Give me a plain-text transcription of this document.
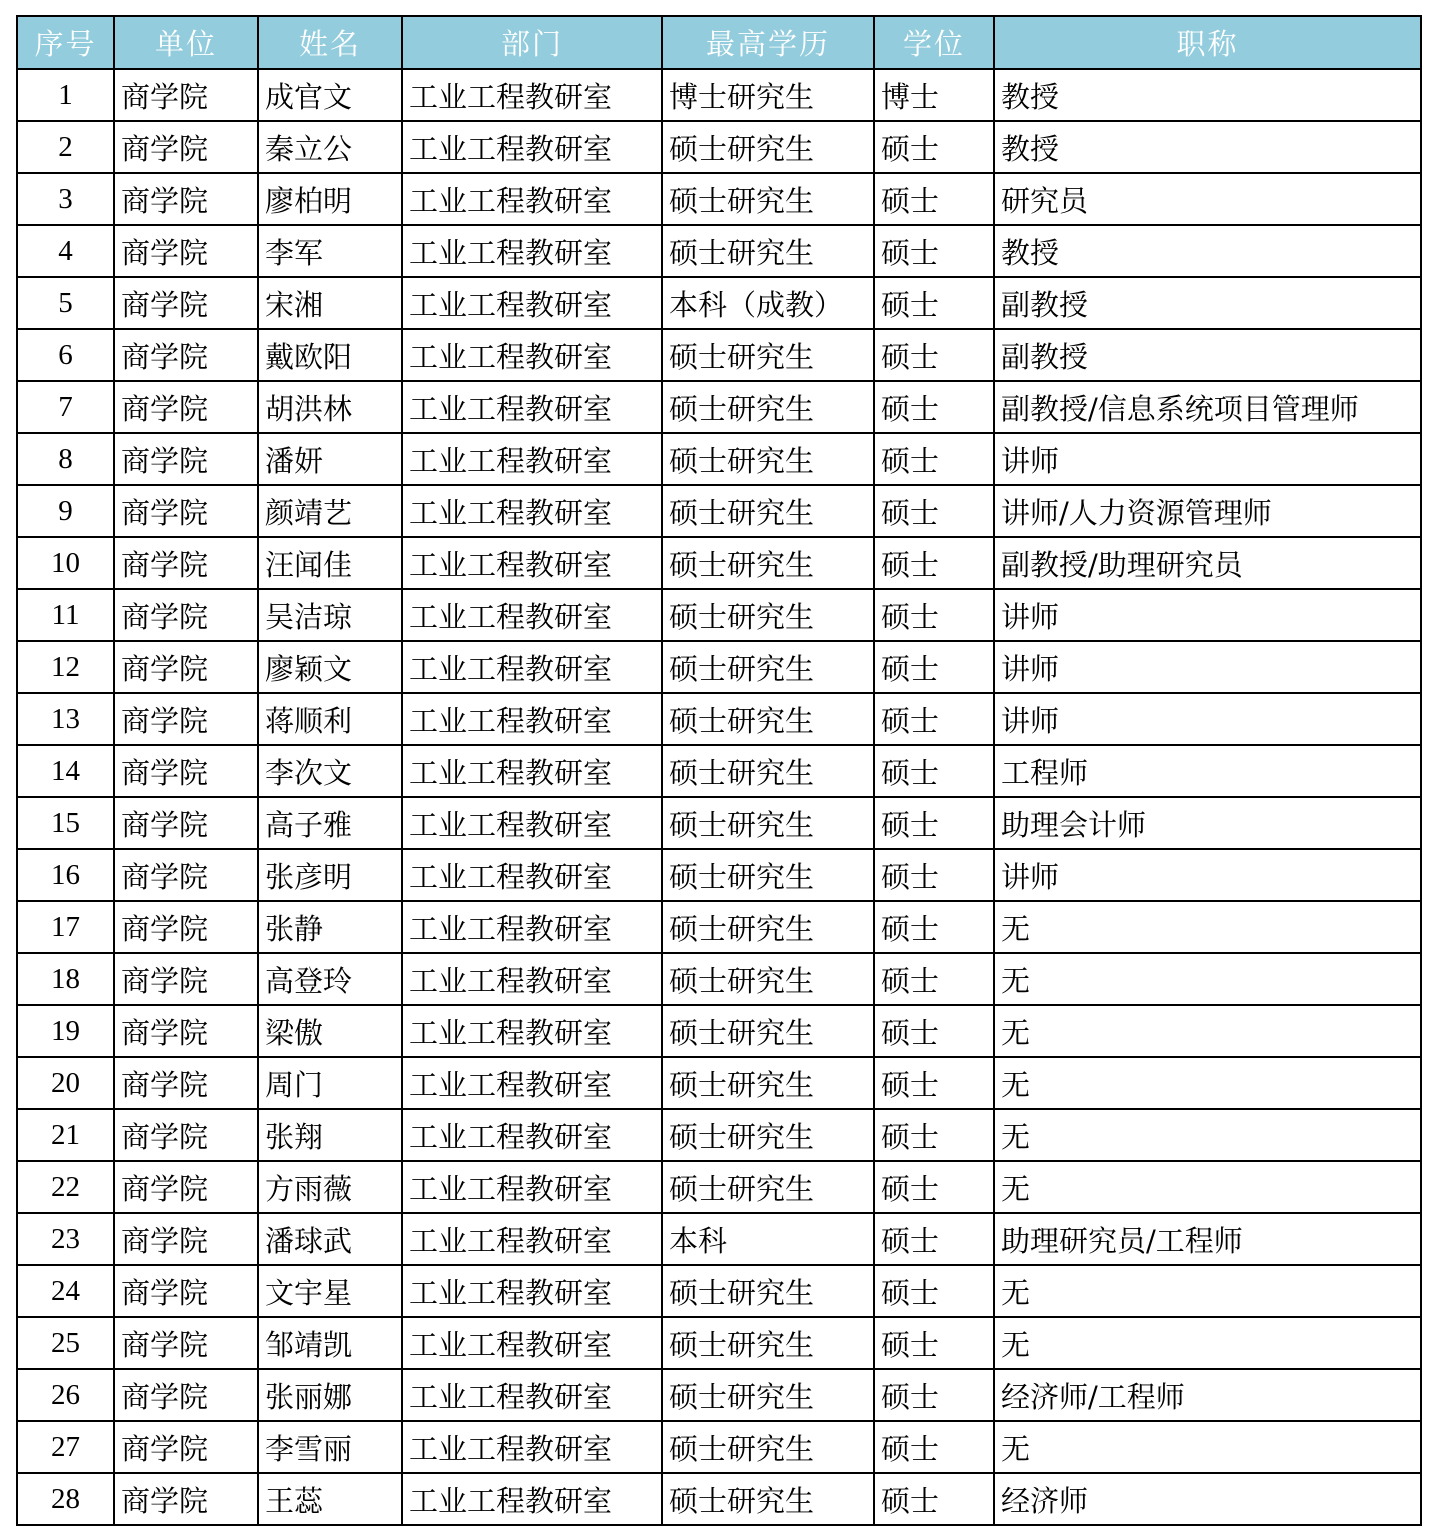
序号	单位	姓名	部门	最高学历	学位	职称
1	商学院	成官文	工业工程教研室	博士研究生	博士	教授
2	商学院	秦立公	工业工程教研室	硕士研究生	硕士	教授
3	商学院	廖柏明	工业工程教研室	硕士研究生	硕士	研究员
4	商学院	李军	工业工程教研室	硕士研究生	硕士	教授
5	商学院	宋湘	工业工程教研室	本科（成教）	硕士	副教授
6	商学院	戴欧阳	工业工程教研室	硕士研究生	硕士	副教授
7	商学院	胡洪林	工业工程教研室	硕士研究生	硕士	副教授/信息系统项目管理师
8	商学院	潘妍	工业工程教研室	硕士研究生	硕士	讲师
9	商学院	颜靖艺	工业工程教研室	硕士研究生	硕士	讲师/人力资源管理师
10	商学院	汪闻佳	工业工程教研室	硕士研究生	硕士	副教授/助理研究员
11	商学院	吴洁琼	工业工程教研室	硕士研究生	硕士	讲师
12	商学院	廖颖文	工业工程教研室	硕士研究生	硕士	讲师
13	商学院	蒋顺利	工业工程教研室	硕士研究生	硕士	讲师
14	商学院	李次文	工业工程教研室	硕士研究生	硕士	工程师
15	商学院	高子雅	工业工程教研室	硕士研究生	硕士	助理会计师
16	商学院	张彦明	工业工程教研室	硕士研究生	硕士	讲师
17	商学院	张静	工业工程教研室	硕士研究生	硕士	无
18	商学院	高登玲	工业工程教研室	硕士研究生	硕士	无
19	商学院	梁傲	工业工程教研室	硕士研究生	硕士	无
20	商学院	周门	工业工程教研室	硕士研究生	硕士	无
21	商学院	张翔	工业工程教研室	硕士研究生	硕士	无
22	商学院	方雨薇	工业工程教研室	硕士研究生	硕士	无
23	商学院	潘球武	工业工程教研室	本科	硕士	助理研究员/工程师
24	商学院	文宇星	工业工程教研室	硕士研究生	硕士	无
25	商学院	邹靖凯	工业工程教研室	硕士研究生	硕士	无
26	商学院	张丽娜	工业工程教研室	硕士研究生	硕士	经济师/工程师
27	商学院	李雪丽	工业工程教研室	硕士研究生	硕士	无
28	商学院	王蕊	工业工程教研室	硕士研究生	硕士	经济师
